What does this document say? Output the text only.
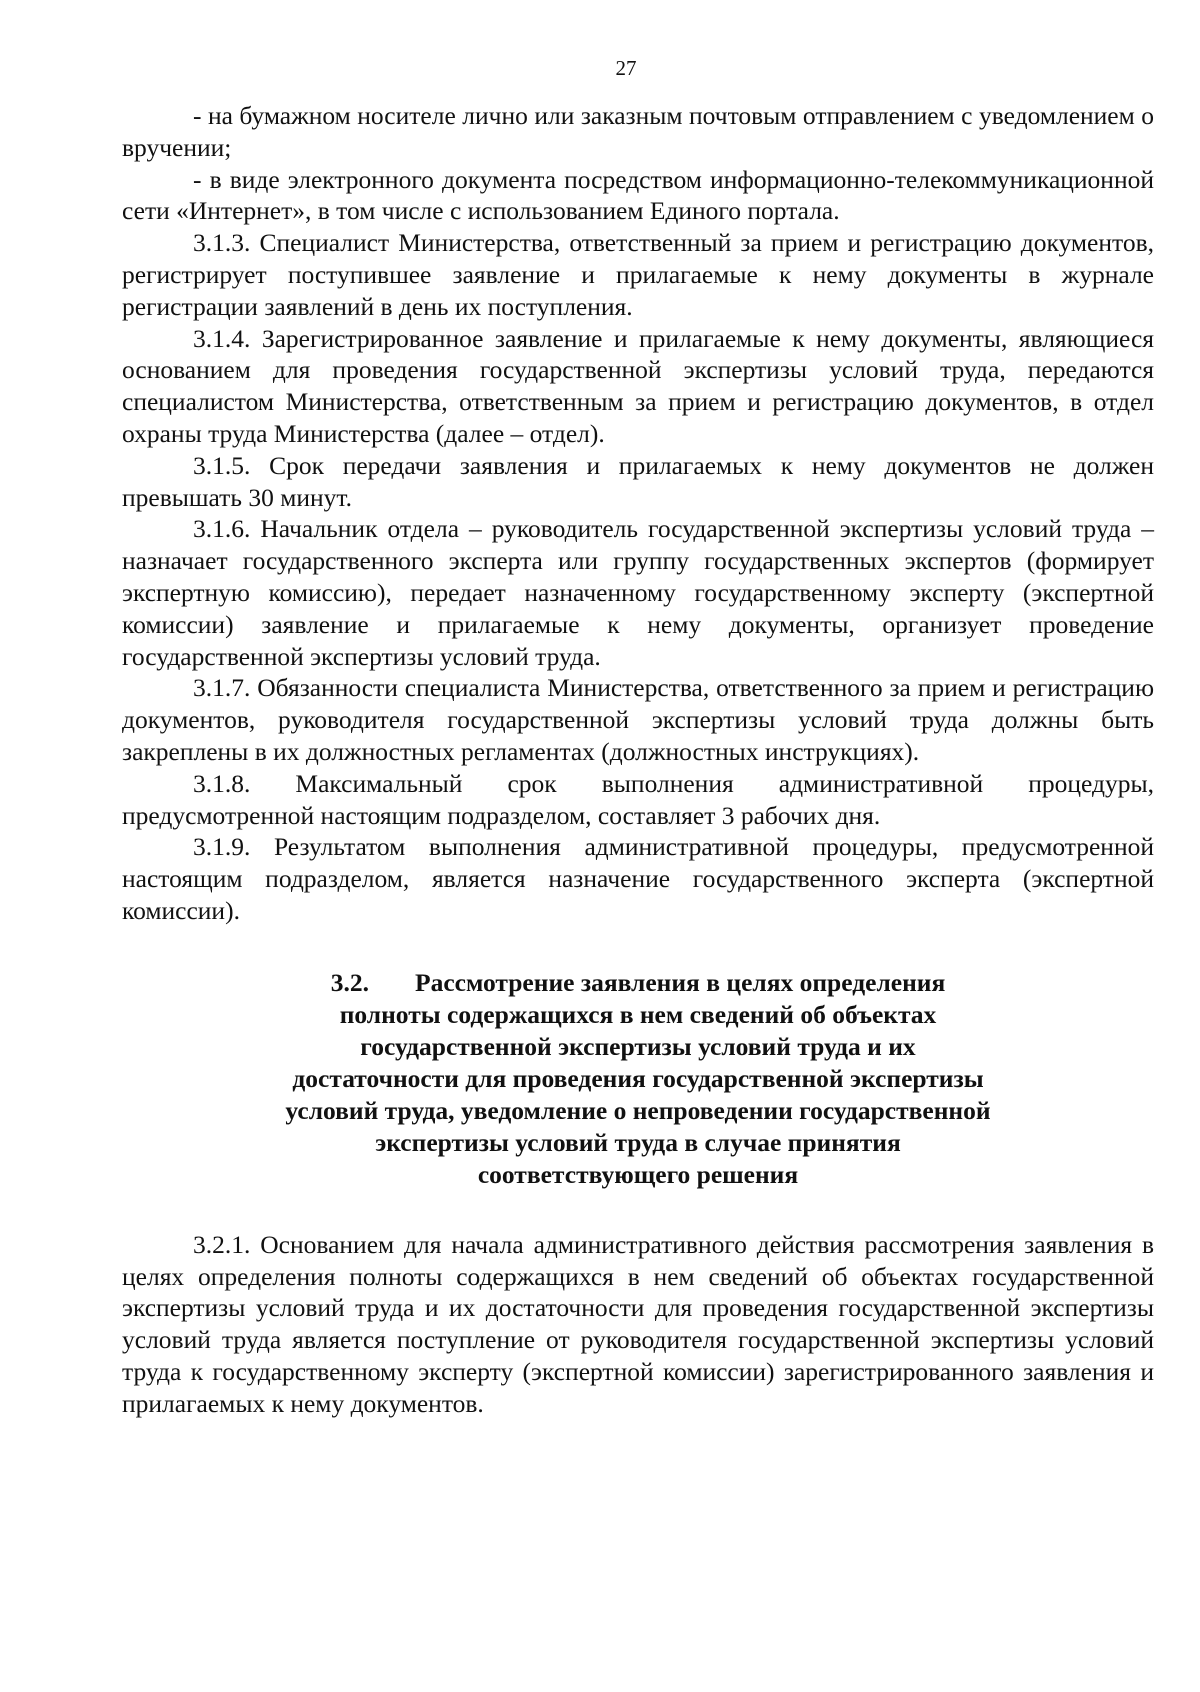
27

- на бумажном носителе лично или заказным почтовым отправлением с уведомлением о вручении;

- в виде электронного документа посредством информационно-телекоммуникационной сети «Интернет», в том числе с использованием Единого портала.

3.1.3. Специалист Министерства, ответственный за прием и регистрацию документов, регистрирует поступившее заявление и прилагаемые к нему документы в журнале регистрации заявлений в день их поступления.

3.1.4. Зарегистрированное заявление и прилагаемые к нему документы, являющиеся основанием для проведения государственной экспертизы условий труда, передаются специалистом Министерства, ответственным за прием и регистрацию документов, в отдел охраны труда Министерства (далее – отдел).

3.1.5. Срок передачи заявления и прилагаемых к нему документов не должен превышать 30 минут.

3.1.6. Начальник отдела – руководитель государственной экспертизы условий труда – назначает государственного эксперта или группу государственных экспертов (формирует экспертную комиссию), передает назначенному государственному эксперту (экспертной комиссии) заявление и прилагаемые к нему документы, организует проведение государственной экспертизы условий труда.

3.1.7. Обязанности специалиста Министерства, ответственного за прием и регистрацию документов, руководителя государственной экспертизы условий труда должны быть закреплены в их должностных регламентах (должностных инструкциях).

3.1.8. Максимальный срок выполнения административной процедуры, предусмотренной настоящим подразделом, составляет 3 рабочих дня.

3.1.9. Результатом выполнения административной процедуры, предусмотренной настоящим подразделом, является назначение государственного эксперта (экспертной комиссии).

3.2. Рассмотрение заявления в целях определения полноты содержащихся в нем сведений об объектах государственной экспертизы условий труда и их достаточности для проведения государственной экспертизы условий труда, уведомление о непроведении государственной экспертизы условий труда в случае принятия соответствующего решения

3.2.1. Основанием для начала административного действия рассмотрения заявления в целях определения полноты содержащихся в нем сведений об объектах государственной экспертизы условий труда и их достаточности для проведения государственной экспертизы условий труда является поступление от руководителя государственной экспертизы условий труда к государственному эксперту (экспертной комиссии) зарегистрированного заявления и прилагаемых к нему документов.
